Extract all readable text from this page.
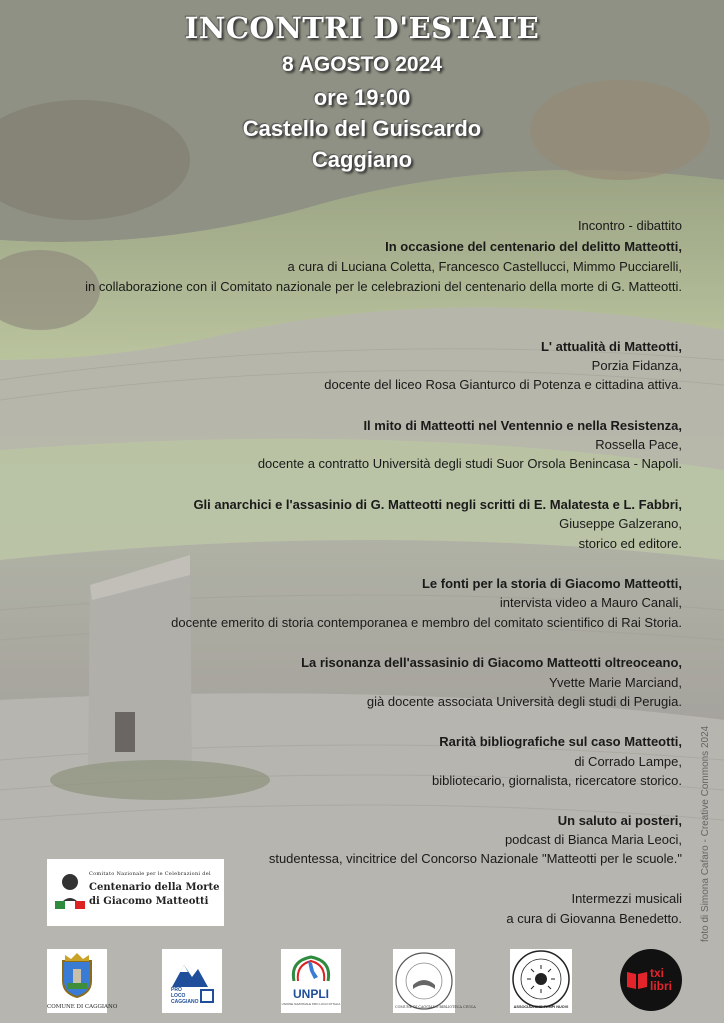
INCONTRI D'ESTATE
8 AGOSTO 2024
ore 19:00
Castello del Guiscardo
Caggiano
Incontro - dibattito
In occasione del centenario del delitto Matteotti,
a cura di Luciana Coletta, Francesco Castellucci, Mimmo Pucciarelli,
in collaborazione con il Comitato nazionale per le celebrazioni del centenario della morte di G. Matteotti.
L' attualità di Matteotti,
Porzia Fidanza,
docente del liceo Rosa Gianturco di Potenza e cittadina attiva.
Il mito di Matteotti nel Ventennio e nella Resistenza,
Rossella Pace,
docente a contratto Università degli studi Suor Orsola Benincasa - Napoli.
Gli anarchici e l'assasinio di G. Matteotti negli scritti di E. Malatesta e L. Fabbri,
Giuseppe Galzerano,
storico ed editore.
Le fonti per la storia di Giacomo Matteotti,
intervista video a Mauro Canali,
docente emerito di storia contemporanea e membro del comitato scientifico di Rai Storia.
La risonanza dell'assasinio di Giacomo Matteotti oltreoceano,
Yvette Marie Marciand,
già docente associata Università degli studi di Perugia.
Rarità bibliografiche sul caso Matteotti,
di Corrado Lampe,
bibliotecario, giornalista, ricercatore storico.
Un saluto ai posteri,
podcast di Bianca Maria Leoci,
studentessa, vincitrice del Concorso Nazionale "Matteotti per le scuole."
Intermezzi musicali
a cura di Giovanna Benedetto. foto di Simona Cafaro - Creative Commons 2024
Comitato Nazionale per le Celebrazioni del
Centenario della Morte
di Giacomo Matteotti
COMUNE DI CAGGIANO
PRO
LOCO
CAGGIANO
UNPLI
UNIONE NAZIONALE PRO LOCO D'ITALIA
COMUNE DI CAGGIANO BIBLIOTECA CIVICA	ASSOCIAZIONE TEMPI NUOVI
txi
libri
